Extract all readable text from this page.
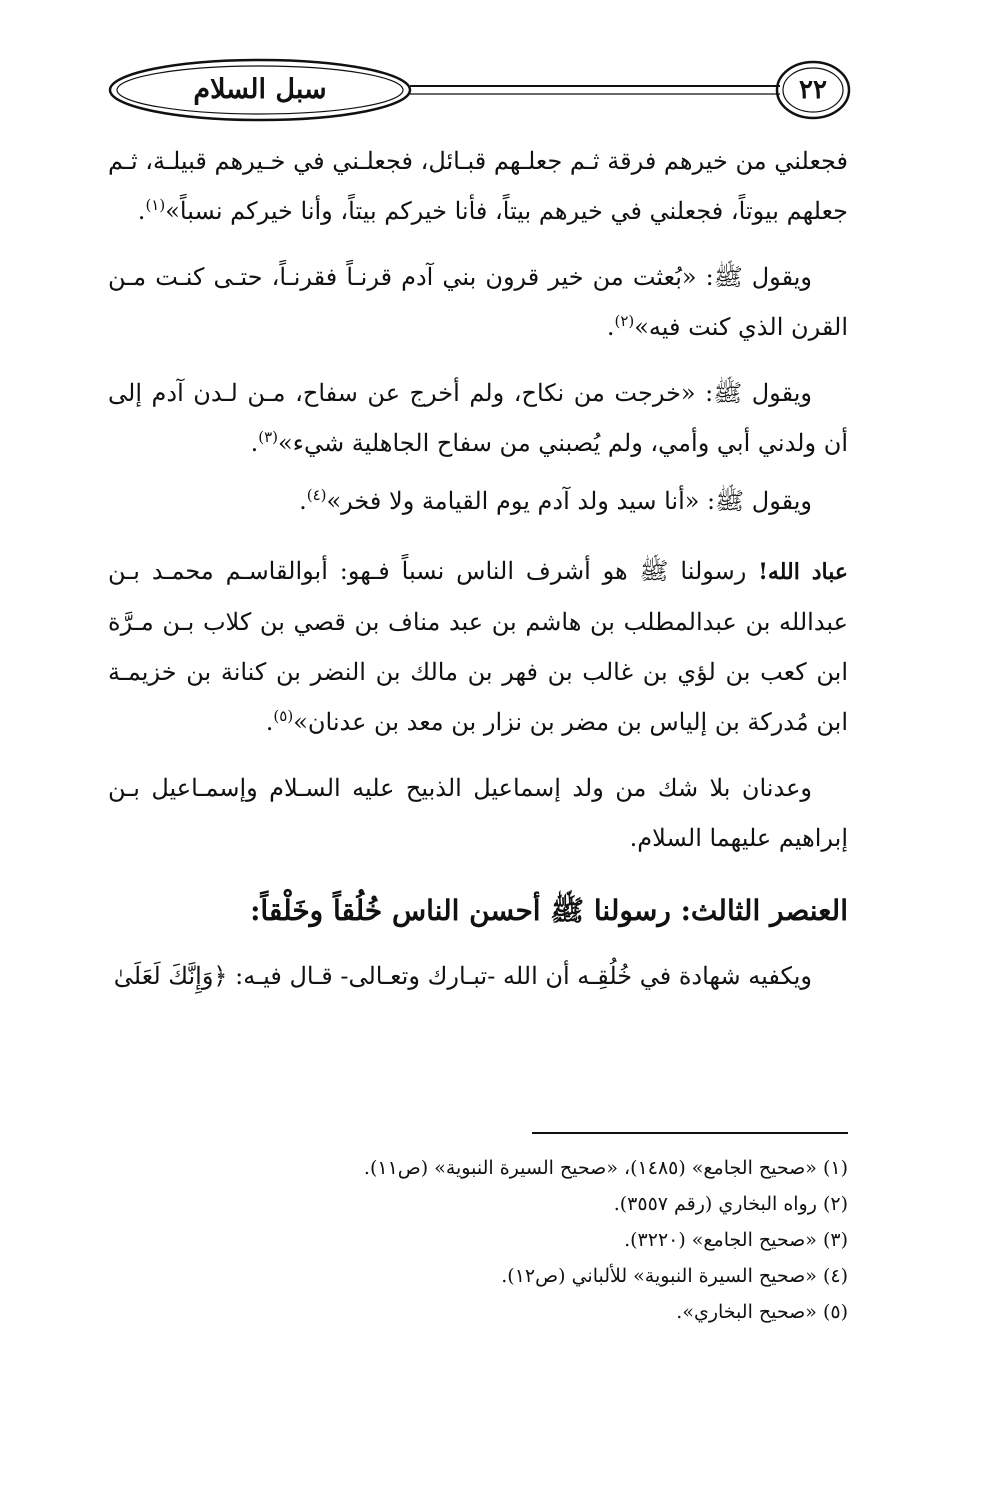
سبل السلام	٢٢

فجعلني من خيرهم فرقة ثـم جعلـهم قبـائل، فجعلـني في خـيرهم قبيلـة، ثـم جعلهم بيوتاً، فجعلني في خيرهم بيتاً، فأنا خيركم بيتاً، وأنا خيركم نسباً»$^{(١)}$.

ويقول ﷺ: «بُعثت من خير قرون بني آدم قرنـاً فقرنـاً، حتـى كنـت مـن القرن الذي كنت فيه»$^{(٢)}$.

ويقول ﷺ: «خرجت من نكاح، ولم أخرج عن سفاح، مـن لـدن آدم إلى أن ولدني أبي وأمي، ولم يُصبني من سفاح الجاهلية شيء»$^{(٣)}$.

ويقول ﷺ: «أنا سيد ولد آدم يوم القيامة ولا فخر»$^{(٤)}$.

عباد الله! رسولنا ﷺ هو أشرف الناس نسباً فـهو: أبوالقاسـم محمـد بـن عبدالله بن عبدالمطلب بن هاشم بن عبد مناف بن قصي بن كلاب بـن مـرَّة ابن كعب بن لؤي بن غالب بن فهر بن مالك بن النضر بن كنانة بن خزيمـة ابن مُدركة بن إلياس بن مضر بن نزار بن معد بن عدنان»$^{(٥)}$.

وعدنان بلا شك من ولد إسماعيل الذبيح عليه السـلام وإسمـاعيل بـن إبراهيم عليهما السلام.

العنصر الثالث: رسولنا ﷺ أحسن الناس خُلُقاً وخَلْقاً:

ويكفيه شهادة في خُلُقِـه أن الله -تبـارك وتعـالى- قـال فيـه: ﴿وَإِنَّكَ لَعَلَىٰ

(١) «صحيح الجامع» (١٤٨٥)، «صحيح السيرة النبوية» (ص١١).

(٢) رواه البخاري (رقم ٣٥٥٧).

(٣) «صحيح الجامع» (٣٢٢٠).

(٤) «صحيح السيرة النبوية» للألباني (ص١٢).

(٥) «صحيح البخاري».
